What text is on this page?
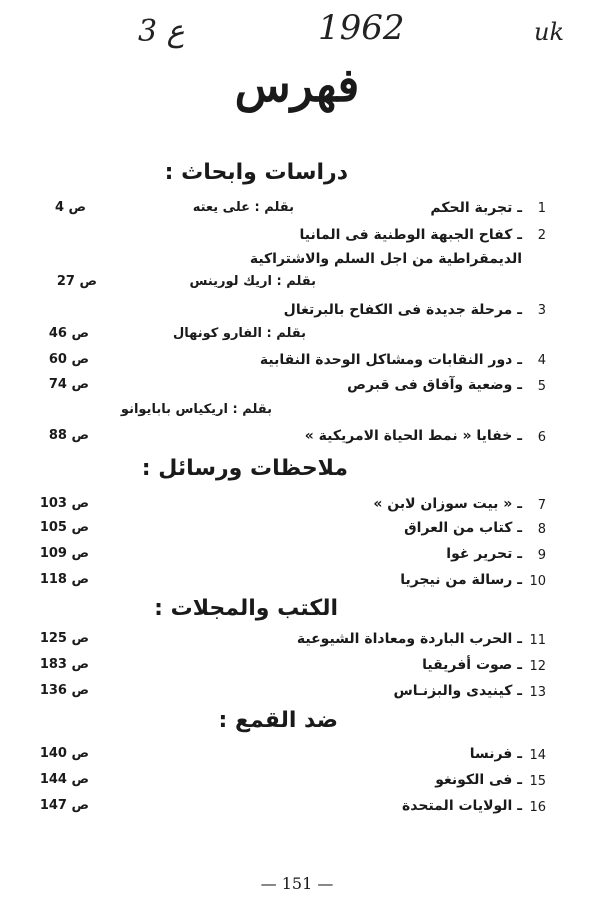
3 ع	1962	uk
فهرس
دراسات وابحاث :
1
ـ تجربة الحكم
بقلم : على يعته
ص 4
2
ـ كفاح الجبهة الوطنية فى المانيا
الديمقراطية من اجل السلم والاشتراكية
بقلم : اريك لورينس
ص 27
3
ـ مرحلة جديدة فى الكفاح بالبرتغال
بقلم : الفارو كونهال
ص 46
4
ـ دور النقابات ومشاكل الوحدة النقابية
ص 60
5
ـ وضعية وآفاق فى قبرص
ص 74
بقلم : اريكياس بابايوانو
6
ـ خفايا « نمط الحياة الامريكية »
ص 88
ملاحظات ورسائل :
7
ـ « بيت سوزان لابن »
ص 103
8
ـ كتاب من العراق
ص 105
9
ـ تحرير غوا
ص 109
10
ـ رسالة من نيجريا
ص 118
الكتب والمجلات :
11
ـ الحرب الباردة ومعاداة الشيوعية
ص 125
12
ـ صوت أفريقيا
ص 183
13
ـ كينيدى والبزنـاس
ص 136
ضد القمع :
14
ـ فرنسا
ص 140
15
ـ فى الكونغو
ص 144
16
ـ الولايات المتحدة
ص 147
— 151 —
